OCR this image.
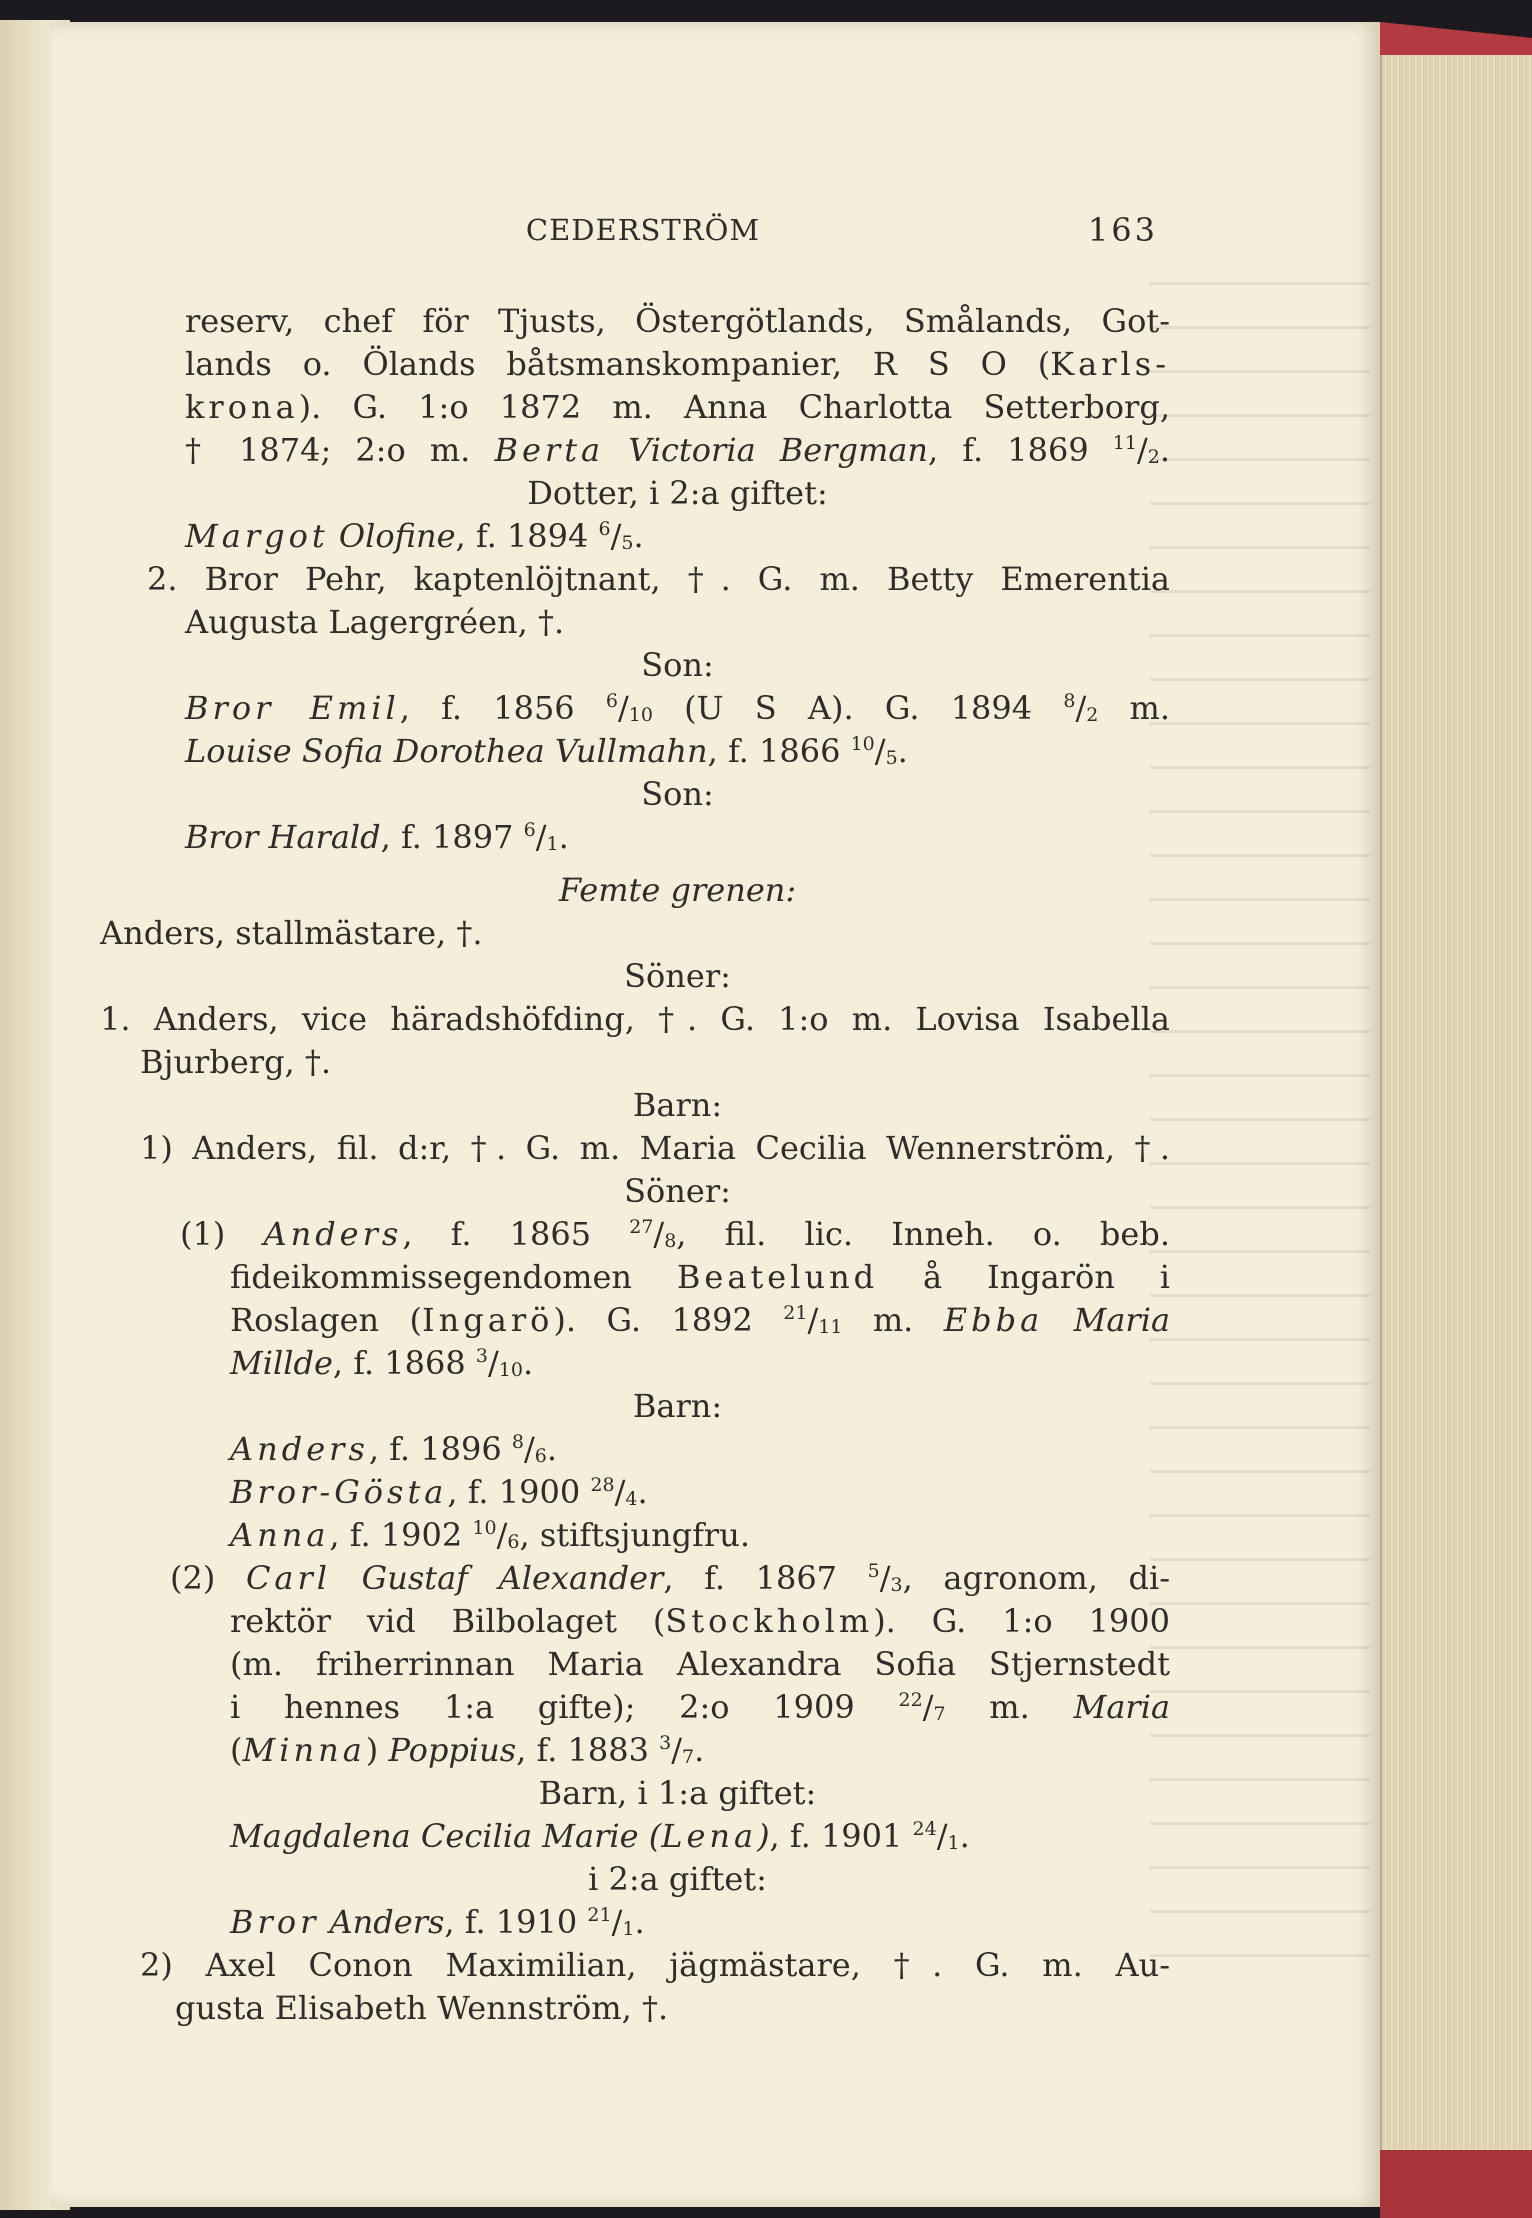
CEDERSTRÖM	163
reserv, chef för Tjusts, Östergötlands, Smålands, Got-
lands o. Ölands båtsmanskompanier, R S O (Karls-
krona). G. 1:o 1872 m. Anna Charlotta Setterborg,
† 1874; 2:o m. Berta Victoria Bergman, f. 1869 $^{11}/_2$.
Dotter, i 2:a giftet:
Margot Olofine, f. 1894 $^6/_5$.
2. Bror Pehr, kaptenlöjtnant, †. G. m. Betty Emerentia
Augusta Lagergréen, †.
Son:
Bror Emil, f. 1856 $^6/_{10}$ (U S A). G. 1894 $^8/_2$ m.
Louise Sofia Dorothea Vullmahn, f. 1866 $^{10}/_5$.
Son:
Bror Harald, f. 1897 $^6/_1$.
Femte grenen:
Anders, stallmästare, †.
Söner:
1. Anders, vice häradshöfding, †. G. 1:o m. Lovisa Isabella
Bjurberg, †.
Barn:
1) Anders, fil. d:r, †. G. m. Maria Cecilia Wennerström, †.
Söner:
(1) Anders, f. 1865 $^{27}/_8$, fil. lic. Inneh. o. beb.
fideikommissegendomen Beatelund å Ingarön i
Roslagen (Ingarö). G. 1892 $^{21}/_{11}$ m. Ebba Maria
Millde, f. 1868 $^3/_{10}$.
Barn:
Anders, f. 1896 $^8/_6$.
Bror-Gösta, f. 1900 $^{28}/_4$.
Anna, f. 1902 $^{10}/_6$, stiftsjungfru.
(2) Carl Gustaf Alexander, f. 1867 $^5/_3$, agronom, di-
rektör vid Bilbolaget (Stockholm). G. 1:o 1900
(m. friherrinnan Maria Alexandra Sofia Stjernstedt
i hennes 1:a gifte); 2:o 1909 $^{22}/_7$ m. Maria
(Minna) Poppius, f. 1883 $^3/_7$.
Barn, i 1:a giftet:
Magdalena Cecilia Marie (Lena), f. 1901 $^{24}/_1$.
i 2:a giftet:
Bror Anders, f. 1910 $^{21}/_1$.
2) Axel Conon Maximilian, jägmästare, †. G. m. Au-
gusta Elisabeth Wennström, †.
